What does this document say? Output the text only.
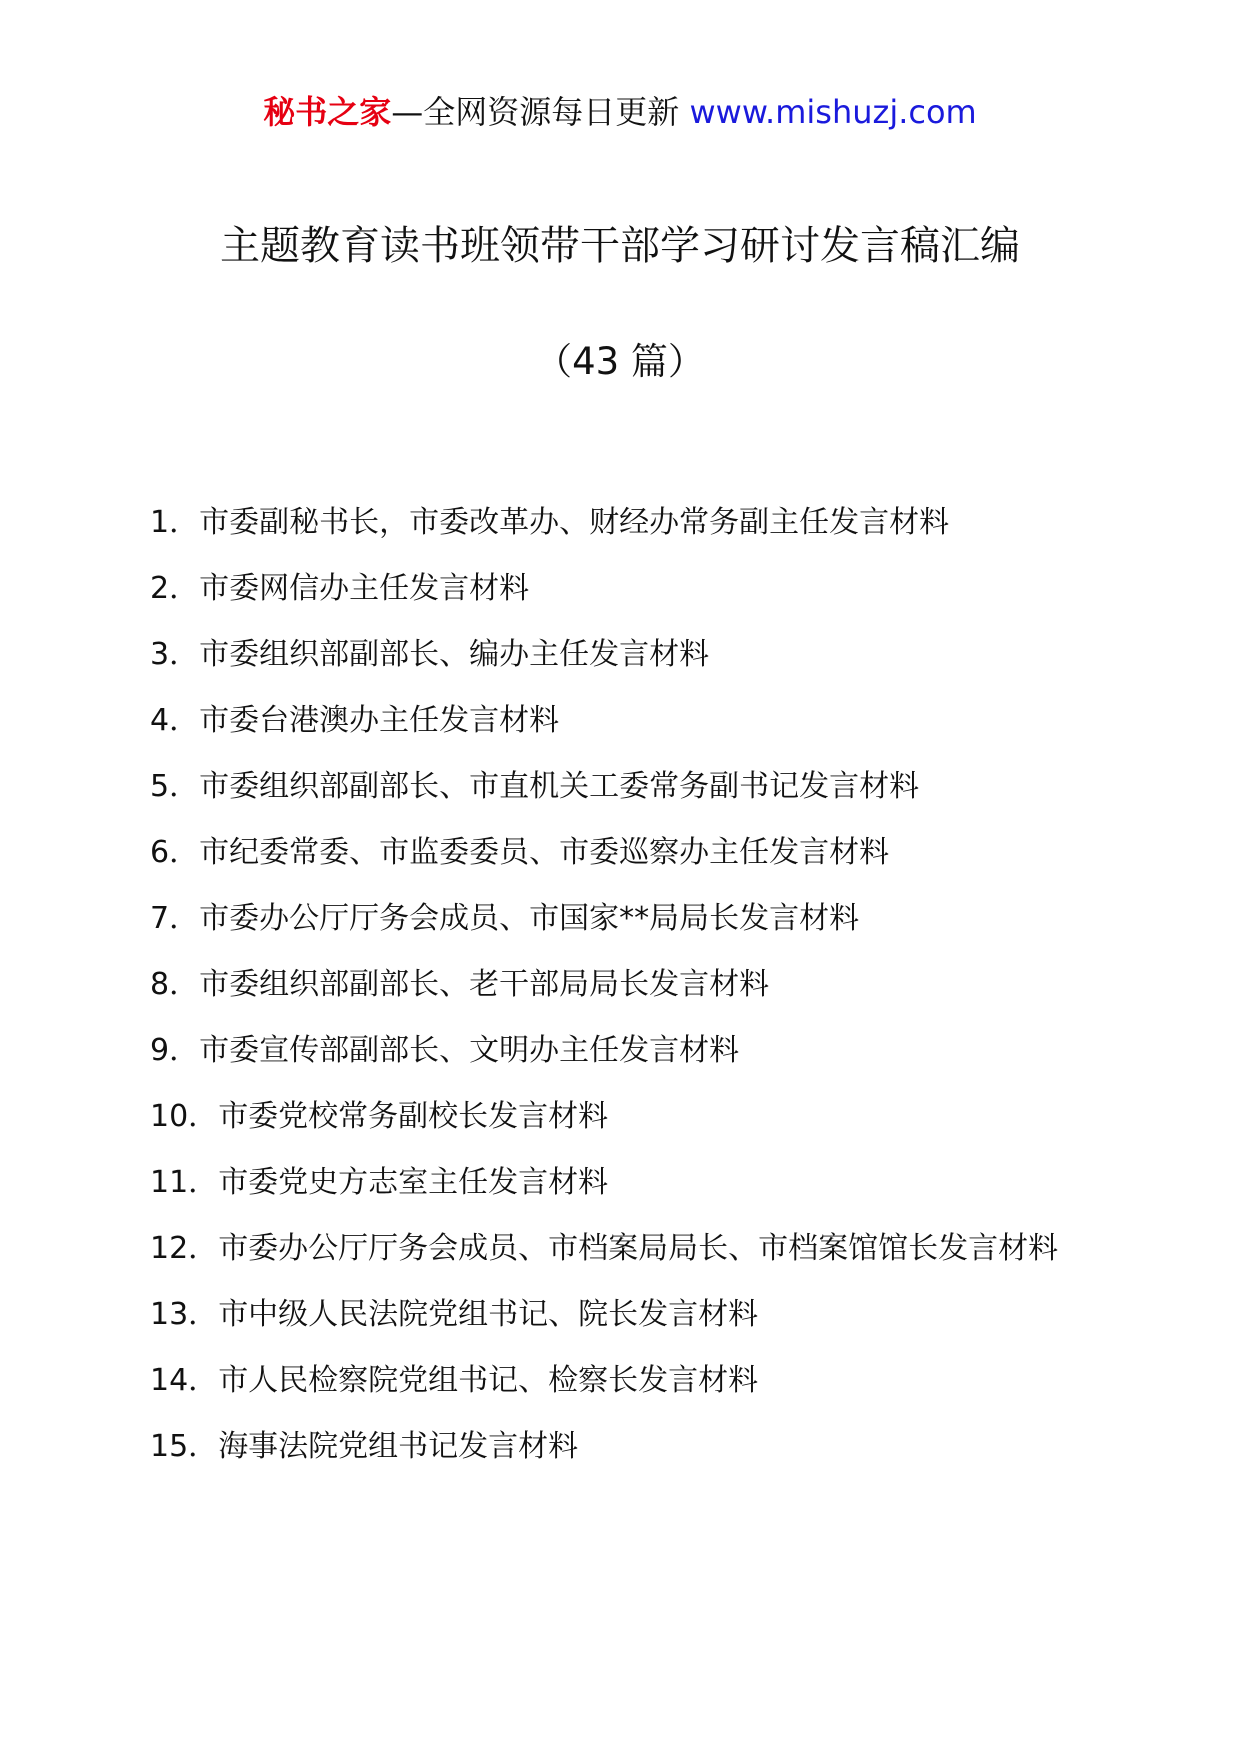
秘书之家—全网资源每日更新 www.mishuzj.com
主题教育读书班领带干部学习研讨发言稿汇编
（43 篇）
1．市委副秘书长，市委改革办、财经办常务副主任发言材料
2．市委网信办主任发言材料
3．市委组织部副部长、编办主任发言材料
4．市委台港澳办主任发言材料
5．市委组织部副部长、市直机关工委常务副书记发言材料
6．市纪委常委、市监委委员、市委巡察办主任发言材料
7．市委办公厅厅务会成员、市国家**局局长发言材料
8．市委组织部副部长、老干部局局长发言材料
9．市委宣传部副部长、文明办主任发言材料
10．市委党校常务副校长发言材料
11．市委党史方志室主任发言材料
12．市委办公厅厅务会成员、市档案局局长、市档案馆馆长发言材料
13．市中级人民法院党组书记、院长发言材料
14．市人民检察院党组书记、检察长发言材料
15．海事法院党组书记发言材料
